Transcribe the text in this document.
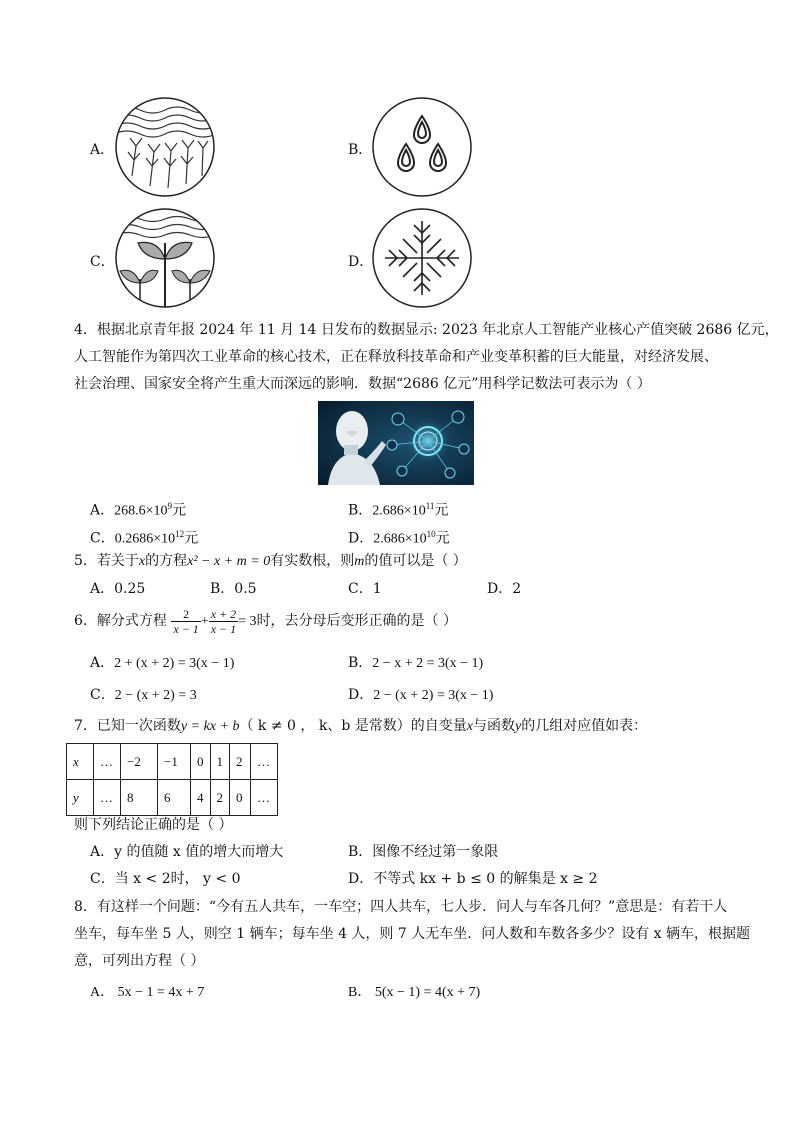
A．	B．
C．	D．
4．根据北京青年报 2024 年 11 月 14 日发布的数据显示: 2023 年北京人工智能产业核心产值突破 2686 亿元，
人工智能作为第四次工业革命的核心技术，正在释放科技革命和产业变革积蓄的巨大能量，对经济发展、
社会治理、国家安全将产生重大而深远的影响．数据“2686 亿元”用科学记数法可表示为（ ）
A．$268.6\times 10^9$元	B．$2.686\times 10^{11}$元
C．$0.2686\times 10^{12}$元	D．$2.686\times 10^{10}$元
5．若关于x的方程x² − x + m = 0有实数根，则m的值可以是（ ）
A．0.25	B．0.5	C．1	D．2
6．解分式方程 $\frac{2}{x - 1} + \frac{x + 2}{x - 1} = 3$时，去分母后变形正确的是（ ）
A．2 + (x + 2) = 3(x − 1)	B．2 − x + 2 = 3(x − 1)
C．2 − (x + 2) = 3	D．2 − (x + 2) = 3(x − 1)
7．已知一次函数y = kx + b（ k ≠ 0 ， k、b 是常数）的自变量x与函数y的几组对应值如表：
x	…	−2	−1	0	1	2	…
y	…	8	6	4	2	0	…
则下列结论正确的是（ ）
A．y 的值随 x 值的增大而增大	B．图像不经过第一象限
C．当 x < 2时， y < 0	D．不等式 kx + b ≤ 0 的解集是 x ≥ 2
8．有这样一个问题：“今有五人共车，一车空；四人共车，七人步．问人与车各几何？”意思是：有若干人
坐车，每车坐 5 人，则空 1 辆车；每车坐 4 人，则 7 人无车坐．问人数和车数各多少？设有 x 辆车，根据题
意，可列出方程（ ）
A． 5x − 1 = 4x + 7	B． 5(x − 1) = 4(x + 7)
